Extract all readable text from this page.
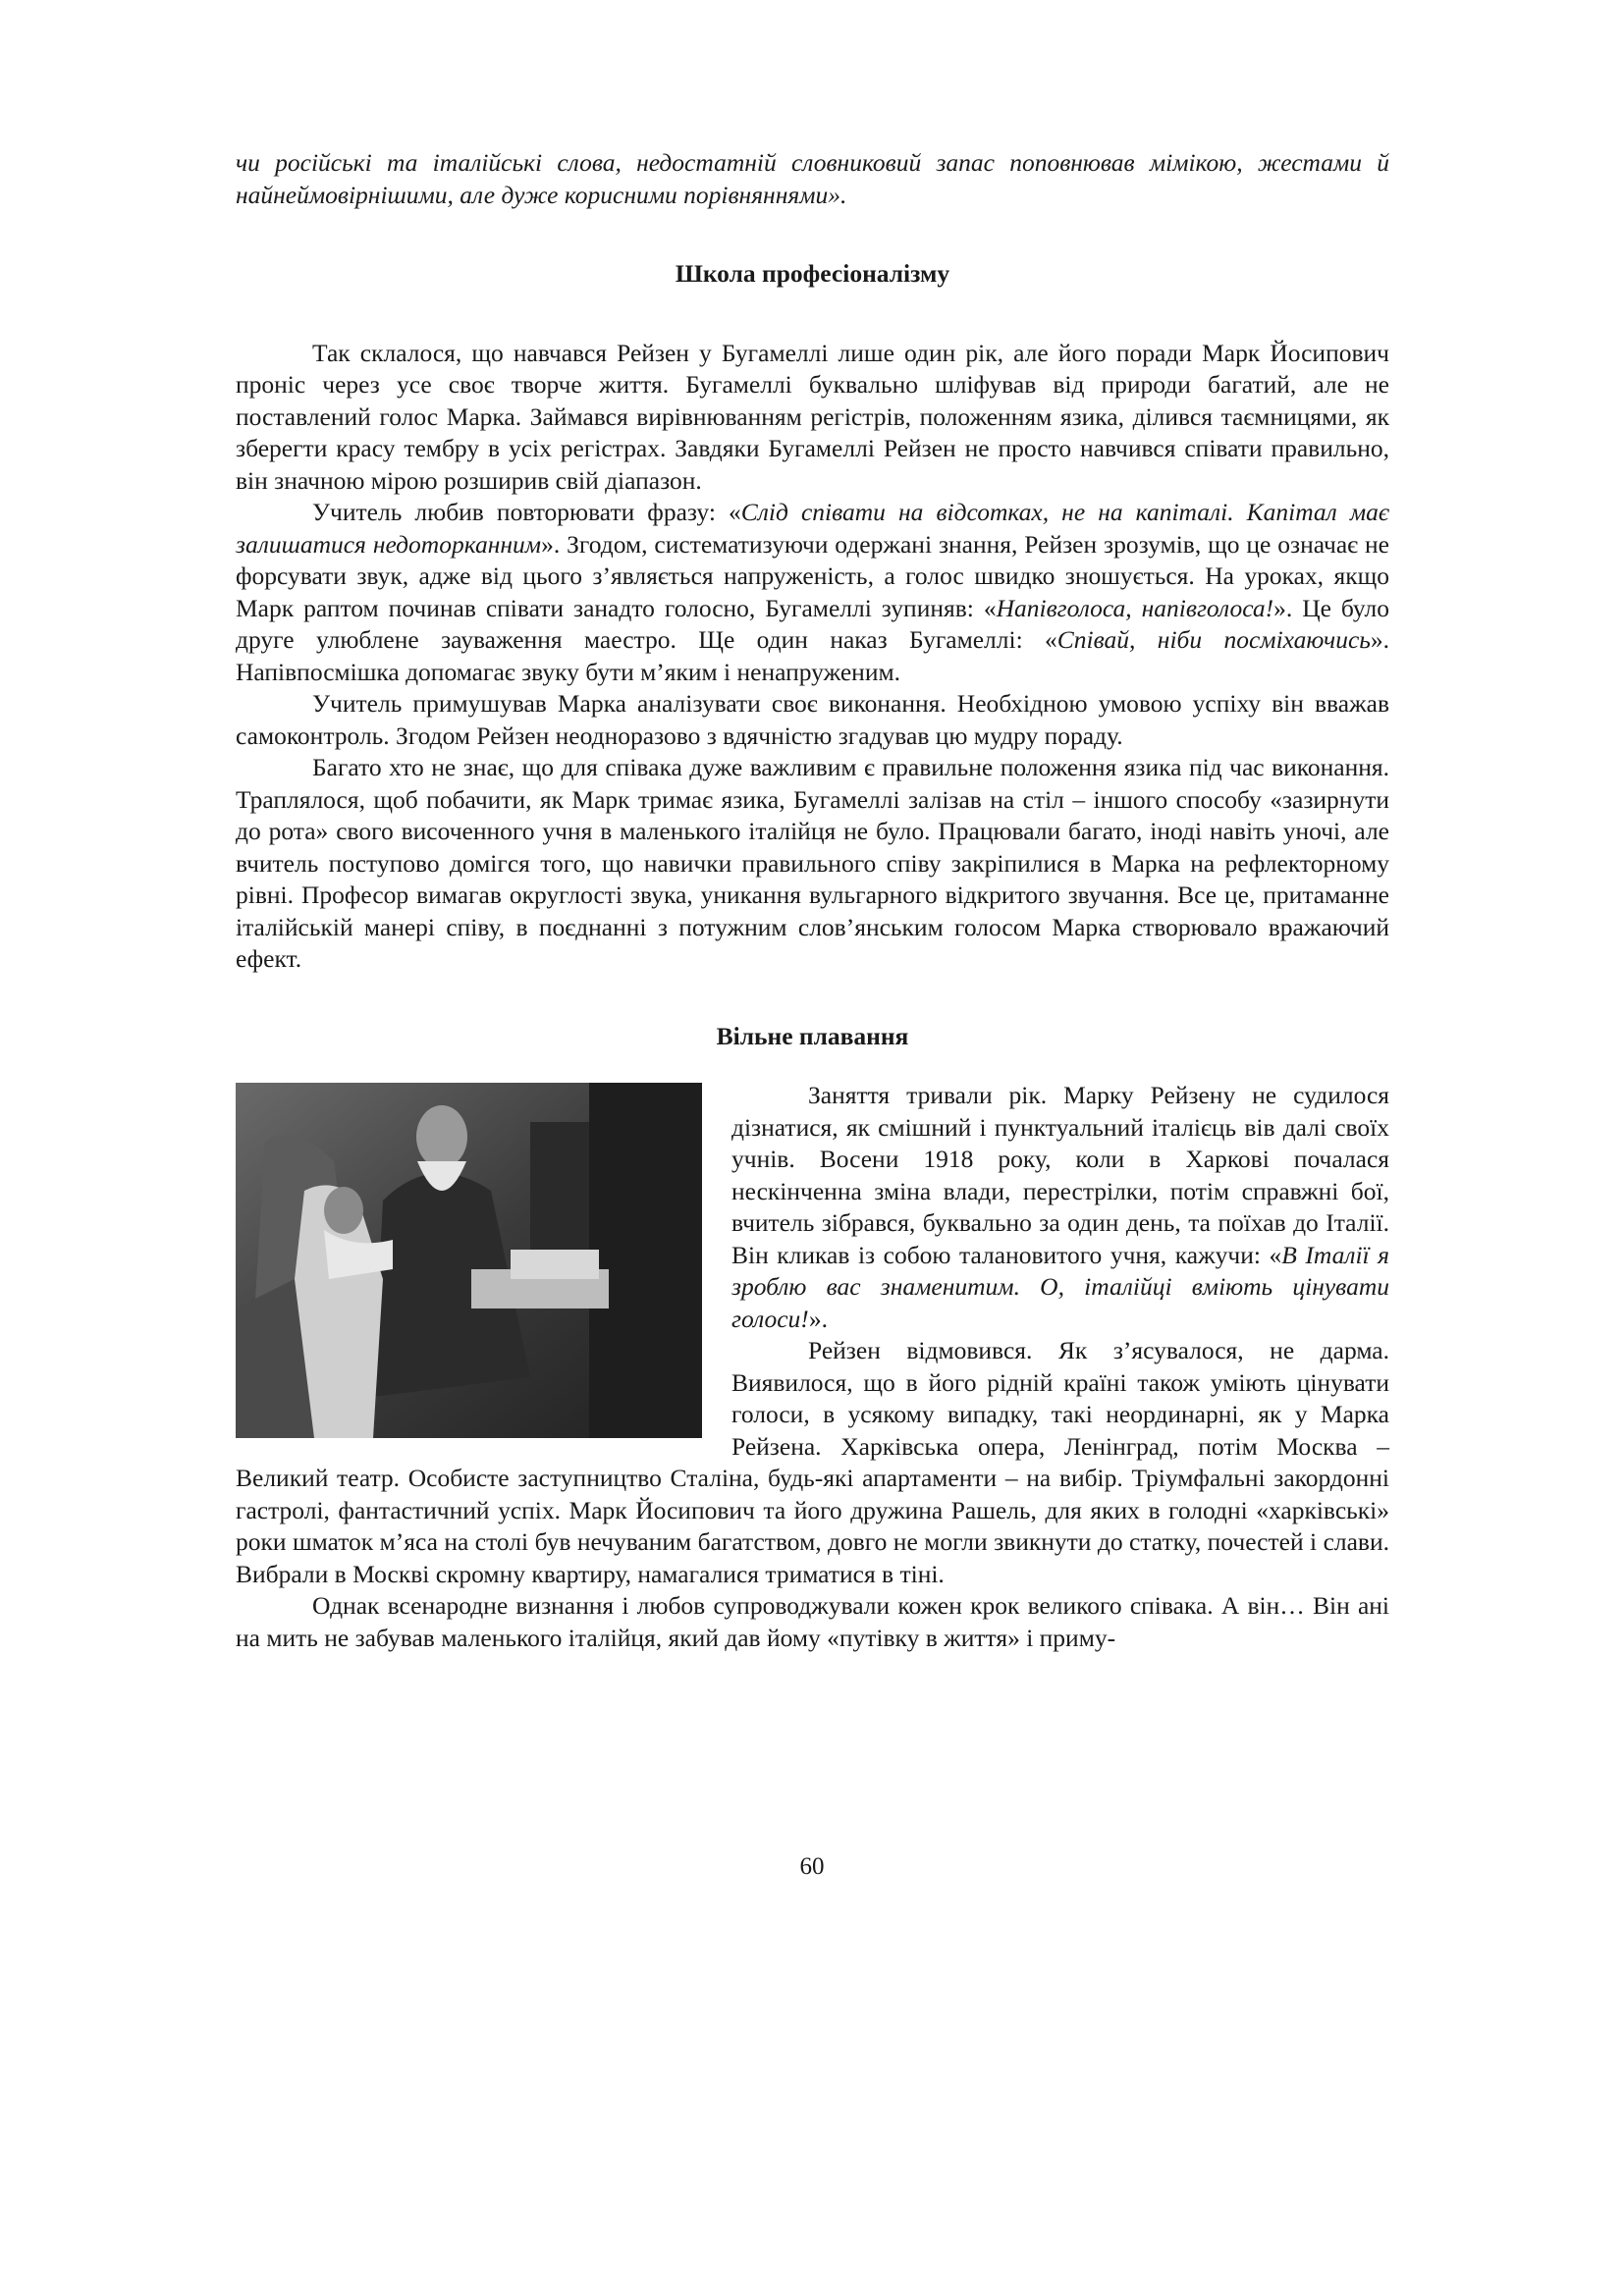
чи російські та італійські слова, недостатній словниковий запас поповнював мімікою, жестами й найнеймовірнішими, але дуже корисними порівняннями».

Школа професіоналізму

Так склалося, що навчався Рейзен у Бугамеллі лише один рік, але його поради Марк Йосипович проніс через усе своє творче життя. Бугамеллі буквально шліфував від природи багатий, але не поставлений голос Марка. Займався вирівнюванням регістрів, положенням язика, ділився таємницями, як зберегти красу тембру в усіх регістрах. Завдяки Бугамеллі Рейзен не просто навчився співати правильно, він значною мірою розширив свій діапазон.

Учитель любив повторювати фразу: «Слід співати на відсотках, не на капіталі. Капітал має залишатися недоторканним». Згодом, систематизуючи одержані знання, Рейзен зрозумів, що це означає не форсувати звук, адже від цього з’являється напруженість, а голос швидко зношується. На уроках, якщо Марк раптом починав співати занадто голосно, Бугамеллі зупиняв: «Напівголоса, напівголоса!». Це було друге улюблене зауваження маестро. Ще один наказ Бугамеллі: «Співай, ніби посміхаючись». Напівпосмішка допомагає звуку бути м’яким і ненапруженим.

Учитель примушував Марка аналізувати своє виконання. Необхідною умовою успіху він вважав самоконтроль. Згодом Рейзен неодноразово з вдячністю згадував цю мудру пораду.

Багато хто не знає, що для співака дуже важливим є правильне положення язика під час виконання. Траплялося, щоб побачити, як Марк тримає язика, Бугамеллі залізав на стіл – іншого способу «зазирнути до рота» свого височенного учня в маленького італійця не було. Працювали багато, іноді навіть уночі, але вчитель поступово домігся того, що навички правильного співу закріпилися в Марка на рефлекторному рівні. Професор вимагав округлості звука, уникання вульгарного відкритого звучання. Все це, притаманне італійській манері співу, в поєднанні з потужним слов’янським голосом Марка створювало вражаючий ефект.

Вільне плавання

Заняття тривали рік. Марку Рейзену не судилося дізнатися, як смішний і пунктуальний італієць вів далі своїх учнів. Восени 1918 року, коли в Харкові почалася нескінченна зміна влади, перестрілки, потім справжні бої, вчитель зібрався, буквально за один день, та поїхав до Італії. Він кликав із собою талановитого учня, кажучи: «В Італії я зроблю вас знаменитим. О, італійці вміють цінувати голоси!».

Рейзен відмовився. Як з’ясувалося, не дарма. Виявилося, що в його рідній країні також уміють цінувати голоси, в усякому випадку, такі неординарні, як у Марка Рейзена. Харківська опера, Ленінград, потім Москва – Великий театр. Особисте заступництво Сталіна, будь-які апартаменти – на вибір. Тріумфальні закордонні гастролі, фантастичний успіх. Марк Йосипович та його дружина Рашель, для яких в голодні «харківські» роки шматок м’яса на столі був нечуваним багатством, довго не могли звикнути до статку, почестей і слави. Вибрали в Москві скромну квартиру, намагалися триматися в тіні.

Однак всенародне визнання і любов супроводжували кожен крок великого співака. А він… Він ані на мить не забував маленького італійця, який дав йому «путівку в життя» і приму-

60
